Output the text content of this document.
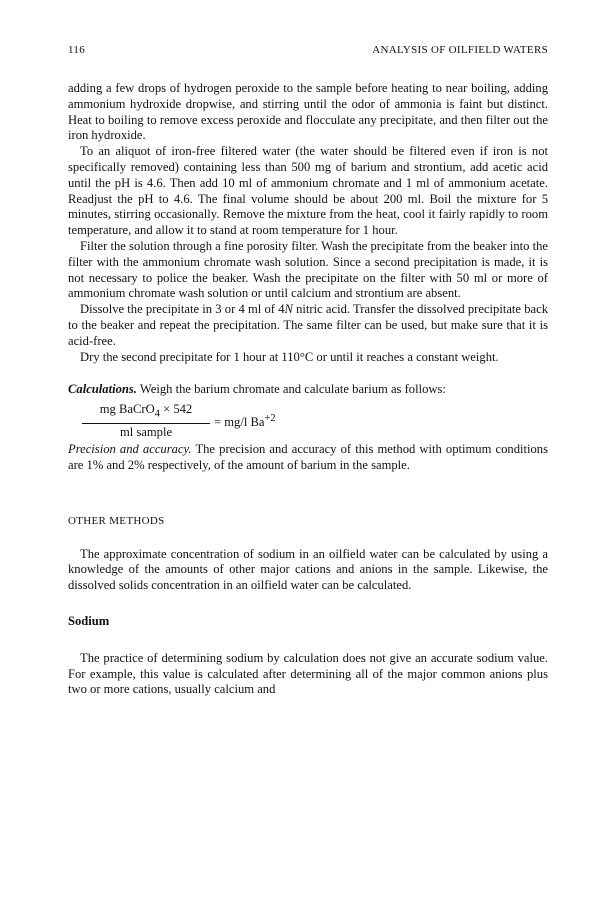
116	ANALYSIS OF OILFIELD WATERS

adding a few drops of hydrogen peroxide to the sample before heating to near boiling, adding ammonium hydroxide dropwise, and stirring until the odor of ammonia is faint but distinct. Heat to boiling to remove excess peroxide and flocculate any precipitate, and then filter out the iron hydroxide.

To an aliquot of iron-free filtered water (the water should be filtered even if iron is not specifically removed) containing less than 500 mg of barium and strontium, add acetic acid until the pH is 4.6. Then add 10 ml of ammonium chromate and 1 ml of ammonium acetate. Readjust the pH to 4.6. The final volume should be about 200 ml. Boil the mixture for 5 minutes, stirring occasionally. Remove the mixture from the heat, cool it fairly rapidly to room temperature, and allow it to stand at room temperature for 1 hour.

Filter the solution through a fine porosity filter. Wash the precipitate from the beaker into the filter with the ammonium chromate wash solution. Since a second precipitation is made, it is not necessary to police the beaker. Wash the precipitate on the filter with 50 ml or more of ammonium chromate wash solution or until calcium and strontium are absent.

Dissolve the precipitate in 3 or 4 ml of 4N nitric acid. Transfer the dissolved precipitate back to the beaker and repeat the precipitation. The same filter can be used, but make sure that it is acid-free.

Dry the second precipitate for 1 hour at 110°C or until it reaches a constant weight.

Calculations. Weigh the barium chromate and calculate barium as follows:

mg BaCrO$_4$ × 542
ml sample
= mg/l $Ba^{+2}$

Precision and accuracy. The precision and accuracy of this method with optimum conditions are 1% and 2% respectively, of the amount of barium in the sample.

OTHER METHODS

The approximate concentration of sodium in an oilfield water can be calculated by using a knowledge of the amounts of other major cations and anions in the sample. Likewise, the dissolved solids concentration in an oilfield water can be calculated.

Sodium

The practice of determining sodium by calculation does not give an accurate sodium value. For example, this value is calculated after determining all of the major common anions plus two or more cations, usually calcium and
